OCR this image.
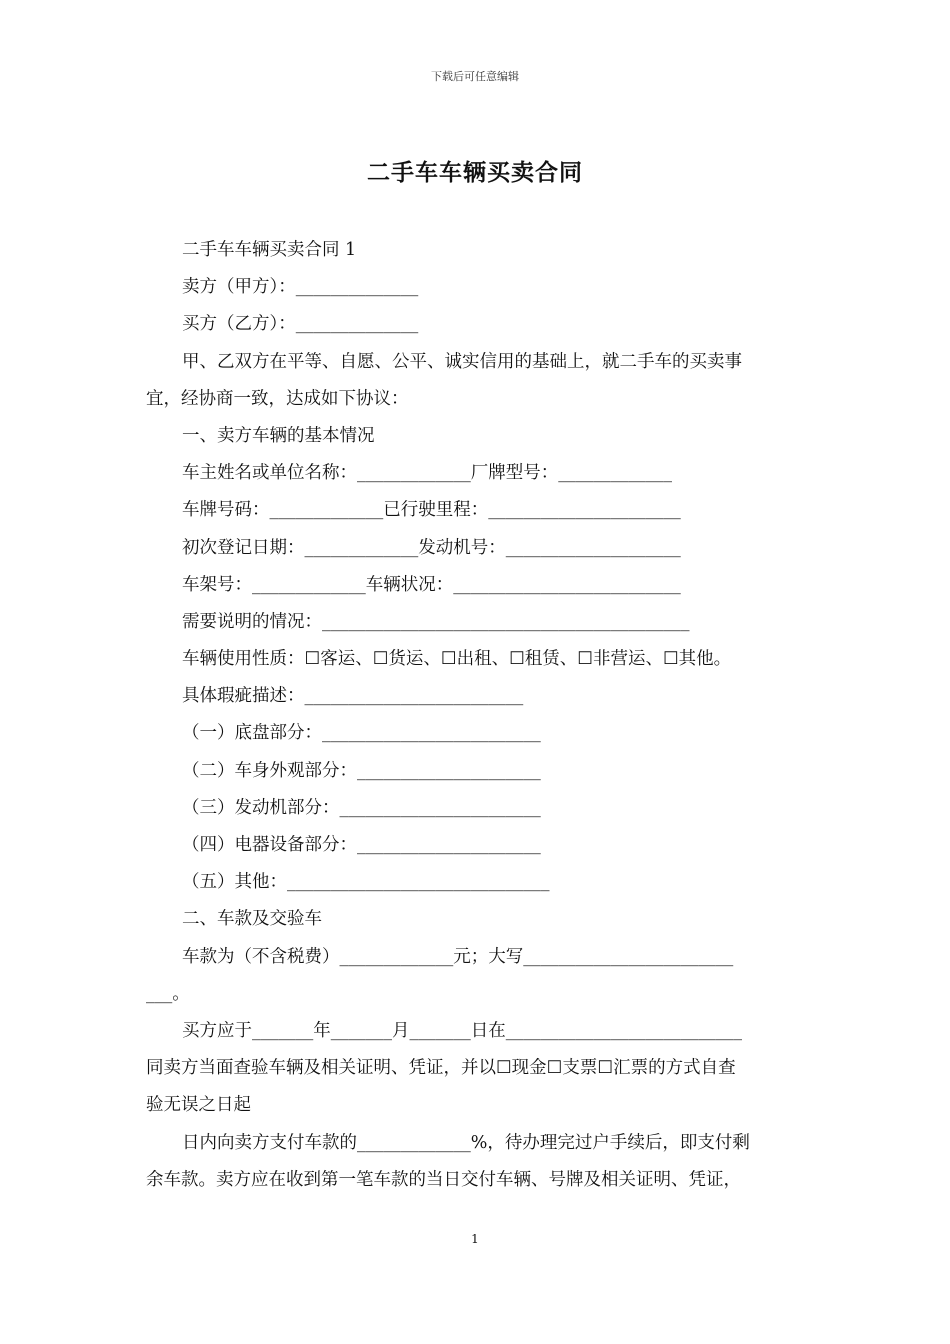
下载后可任意编辑
二手车车辆买卖合同
二手车车辆买卖合同 1
卖方（甲方）：______________
买方（乙方）：______________
甲、乙双方在平等、自愿、公平、诚实信用的基础上，就二手车的买卖事
宜，经协商一致，达成如下协议：
一、卖方车辆的基本情况
车主姓名或单位名称：_____________厂牌型号：_____________
车牌号码：_____________已行驶里程：______________________
初次登记日期：_____________发动机号：____________________
车架号：_____________车辆状况：__________________________
需要说明的情况：__________________________________________
车辆使用性质：☐客运、☐货运、☐出租、☐租赁、☐非营运、☐其他。
具体瑕疵描述：_________________________
（一）底盘部分：_________________________
（二）车身外观部分：_____________________
（三）发动机部分：_______________________
（四）电器设备部分：_____________________
（五）其他：______________________________
二、车款及交验车
车款为（不含税费）_____________元；大写________________________
___。
买方应于_______年_______月_______日在___________________________
同卖方当面查验车辆及相关证明、凭证，并以☐现金☐支票☐汇票的方式自查
验无误之日起
日内向卖方支付车款的_____________%，待办理完过户手续后，即支付剩
余车款。卖方应在收到第一笔车款的当日交付车辆、号牌及相关证明、凭证，
1
